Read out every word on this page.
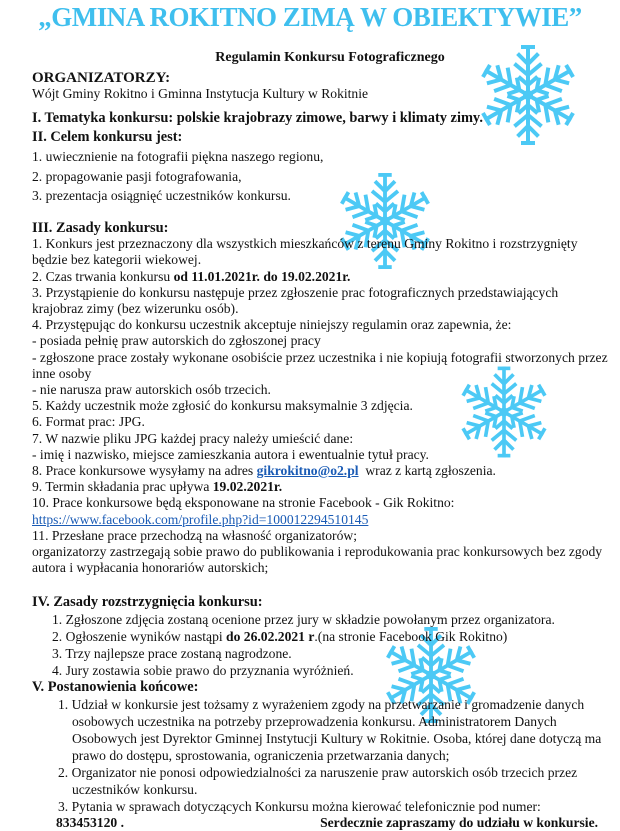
„GMINA ROKITNO ZIMĄ W OBIEKTYWIE”
Regulamin Konkursu Fotograficznego
ORGANIZATORZY:
Wójt Gminy Rokitno i Gminna Instytucja Kultury w Rokitnie
I. Tematyka konkursu: polskie krajobrazy zimowe, barwy i klimaty zimy.
II. Celem konkursu jest:
1. uwiecznienie na fotografii piękna naszego regionu,
2. propagowanie pasji fotografowania,
3. prezentacja osiągnięć uczestników konkursu.
III. Zasady konkursu:
1. Konkurs jest przeznaczony dla wszystkich mieszkańców z terenu Gminy Rokitno i rozstrzygnięty będzie bez kategorii wiekowej.
2. Czas trwania konkursu od 11.01.2021r. do 19.02.2021r.
3. Przystąpienie do konkursu następuje przez zgłoszenie prac fotograficznych przedstawiających krajobraz zimy (bez wizerunku osób).
4. Przystępując do konkursu uczestnik akceptuje niniejszy regulamin oraz zapewnia, że:
- posiada pełnię praw autorskich do zgłoszonej pracy
- zgłoszone prace zostały wykonane osobiście przez uczestnika i nie kopiują fotografii stworzonych przez inne osoby
- nie narusza praw autorskich osób trzecich.
5. Każdy uczestnik może zgłosić do konkursu maksymalnie 3 zdjęcia.
6. Format prac: JPG.
7. W nazwie pliku JPG każdej pracy należy umieścić dane:
- imię i nazwisko, miejsce zamieszkania autora i ewentualnie tytuł pracy.
8. Prace konkursowe wysyłamy na adres gikrokitno@o2.pl  wraz z kartą zgłoszenia.
9. Termin składania prac upływa 19.02.2021r.
10. Prace konkursowe będą eksponowane na stronie Facebook - Gik Rokitno:
https://www.facebook.com/profile.php?id=100012294510145
11. Przesłane prace przechodzą na własność organizatorów;
organizatorzy zastrzegają sobie prawo do publikowania i reprodukowania prac konkursowych bez zgody autora i wypłacania honorariów autorskich;
IV. Zasady rozstrzygnięcia konkursu:
1. Zgłoszone zdjęcia zostaną ocenione przez jury w składzie powołanym przez organizatora.
2. Ogłoszenie wyników nastąpi do 26.02.2021 r.(na stronie Facebook Gik Rokitno)
3. Trzy najlepsze prace zostaną nagrodzone.
4. Jury zostawia sobie prawo do przyznania wyróżnień.
V. Postanowienia końcowe:
1. Udział w konkursie jest tożsamy z wyrażeniem zgody na przetwarzanie i gromadzenie danych osobowych uczestnika na potrzeby przeprowadzenia konkursu. Administratorem Danych Osobowych jest Dyrektor Gminnej Instytucji Kultury w Rokitnie. Osoba, której dane dotyczą ma prawo do dostępu, sprostowania, ograniczenia przetwarzania danych;
2. Organizator nie ponosi odpowiedzialności za naruszenie praw autorskich osób trzecich przez uczestników konkursu.
3. Pytania w sprawach dotyczących Konkursu można kierować telefonicznie pod numer:
833453120 .	Serdecznie zapraszamy do udziału w konkursie.
